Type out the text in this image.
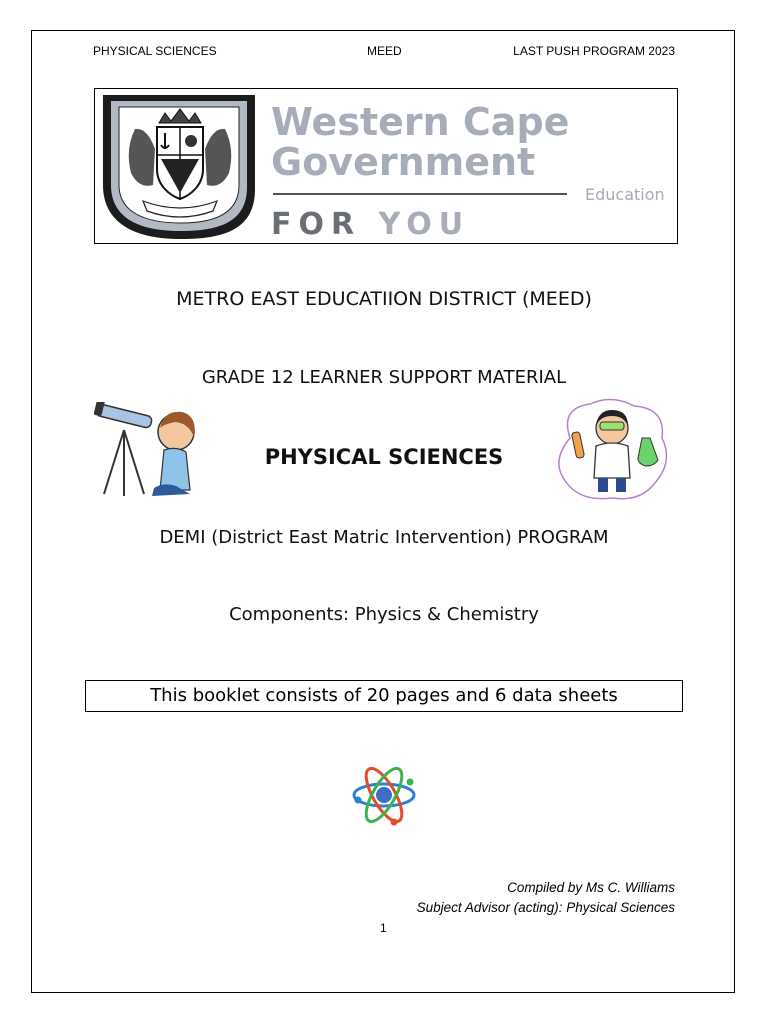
PHYSICAL SCIENCES	MEED	LAST PUSH PROGRAM 2023
Western Cape
Government
Education
FOR YOU
METRO EAST EDUCATIION DISTRICT (MEED)
GRADE 12 LEARNER SUPPORT MATERIAL
PHYSICAL SCIENCES
DEMI (District East Matric Intervention) PROGRAM
Components: Physics & Chemistry
This booklet consists of 20 pages and 6 data sheets
Compiled by Ms C. Williams
Subject Advisor (acting): Physical Sciences
1
